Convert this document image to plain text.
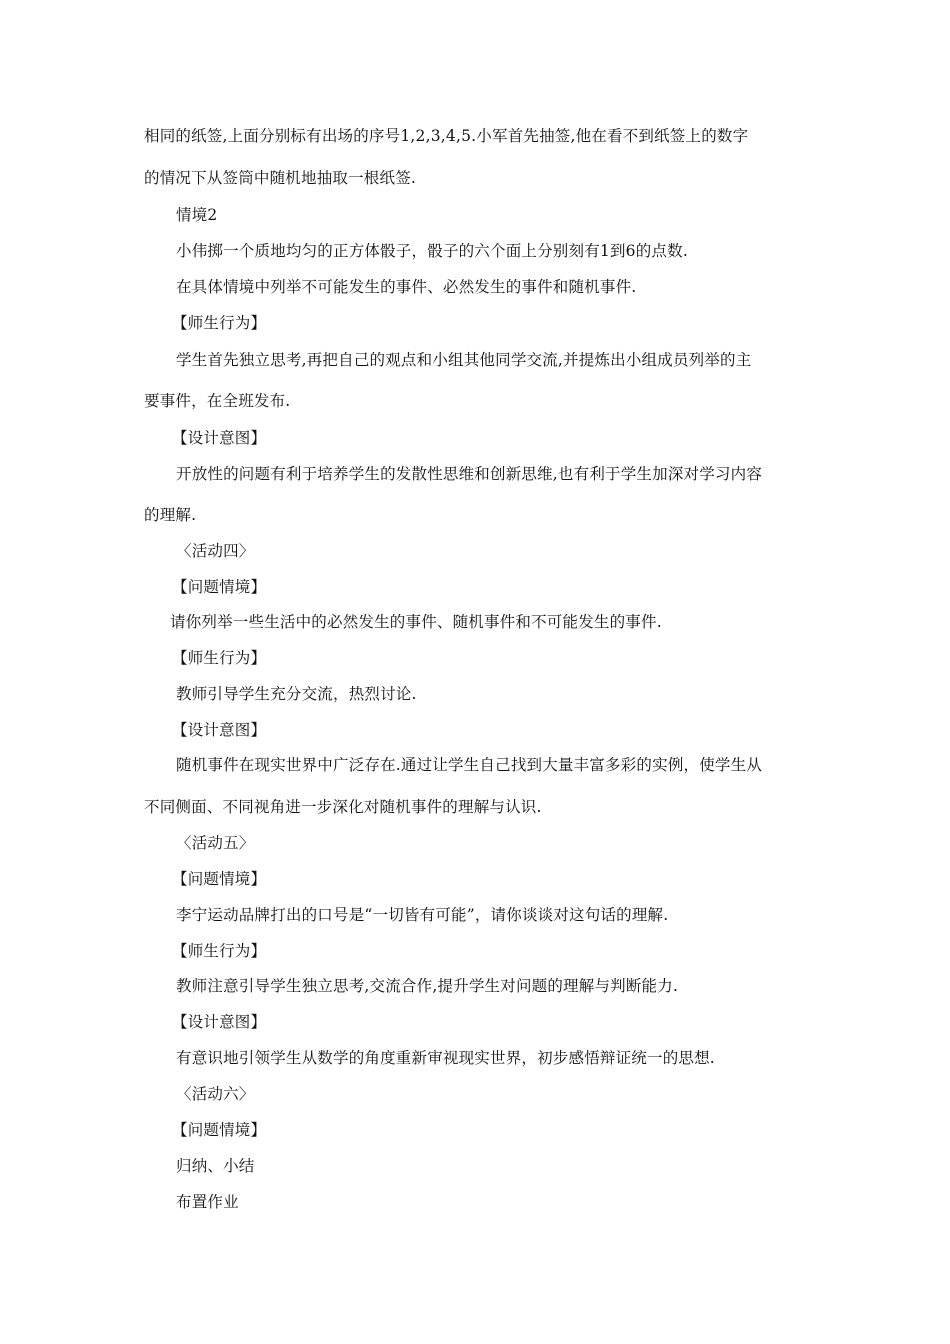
相同的纸签,上面分别标有出场的序号1,2,3,4,5.小军首先抽签,他在看不到纸签上的数字
的情况下从签筒中随机地抽取一根纸签.
情境2
小伟掷一个质地均匀的正方体骰子，骰子的六个面上分别刻有1到6的点数.
在具体情境中列举不可能发生的事件、必然发生的事件和随机事件.
【师生行为】
学生首先独立思考,再把自己的观点和小组其他同学交流,并提炼出小组成员列举的主
要事件，在全班发布.
【设计意图】
开放性的问题有利于培养学生的发散性思维和创新思维,也有利于学生加深对学习内容
的理解.
〈活动四〉
【问题情境】
请你列举一些生活中的必然发生的事件、随机事件和不可能发生的事件.
【师生行为】
教师引导学生充分交流，热烈讨论.
【设计意图】
随机事件在现实世界中广泛存在.通过让学生自己找到大量丰富多彩的实例，使学生从
不同侧面、不同视角进一步深化对随机事件的理解与认识.
〈活动五〉
【问题情境】
李宁运动品牌打出的口号是“一切皆有可能”，请你谈谈对这句话的理解.
【师生行为】
教师注意引导学生独立思考,交流合作,提升学生对问题的理解与判断能力.
【设计意图】
有意识地引领学生从数学的角度重新审视现实世界，初步感悟辩证统一的思想.
〈活动六〉
【问题情境】
归纳、小结
布置作业
